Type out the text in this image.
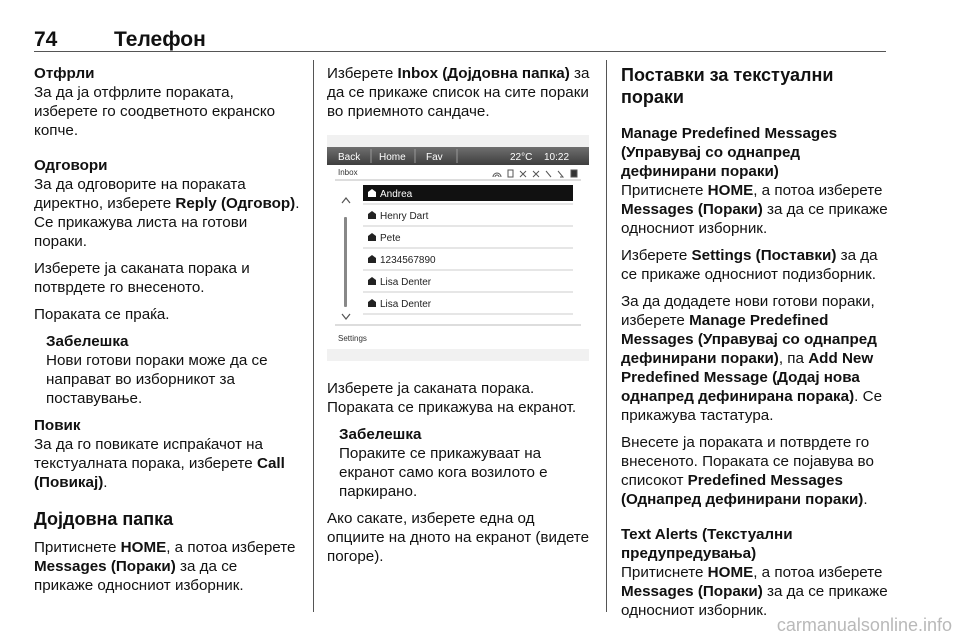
74	Телефон
Отфрли

За да ја отфрлите пораката, изберете го соодветното екранско копче.

Одговори

За да одговорите на пораката директно, изберете Reply (Одговор). Се прикажува листа на готови пораки.

Изберете ја саканата порака и потврдете го внесеното.

Пораката се праќа.

Забелешка
Нови готови пораки може да се направат во изборникот за поставување.
Повик

За да го повикате испраќачот на текстуалната порака, изберете Call (Повикај).

Дојдовна папка

Притиснете HOME, а потоа изберете Messages (Пораки) за да се прикаже односниот изборник.

Изберете Inbox (Дојдовна папка) за да се прикаже список на сите пораки во приемното сандаче.

Back Home Fav	22°C 10:22
Inbox
Andrea
Henry Dart
Pete
1234567890
Lisa Denter
Lisa Denter
Settings

Изберете ја саканата порака. Пораката се прикажува на екранот.

Забелешка
Пораките се прикажуваат на екранот само кога возилото е паркирано.

Ако сакате, изберете една од опциите на дното на екранот (видете погоре).

Поставки за текстуални пораки
Manage Predefined Messages (Управувај со однапред дефинирани пораки)

Притиснете HOME, а потоа изберете Messages (Пораки) за да се прикаже односниот изборник.

Изберете Settings (Поставки) за да се прикаже односниот подизборник.

За да додадете нови готови пораки, изберете Manage Predefined Messages (Управувај со однапред дефинирани пораки), па Add New Predefined Message (Додај нова однапред дефинирана порака). Се прикажува тастатура.

Внесете ја пораката и потврдете го внесеното. Пораката се појавува во списокот Predefined Messages (Однапред дефинирани пораки).

Text Alerts (Текстуални предупредувања)

Притиснете HOME, а потоа изберете Messages (Пораки) за да се прикаже односниот изборник.

carmanualsonline.info
